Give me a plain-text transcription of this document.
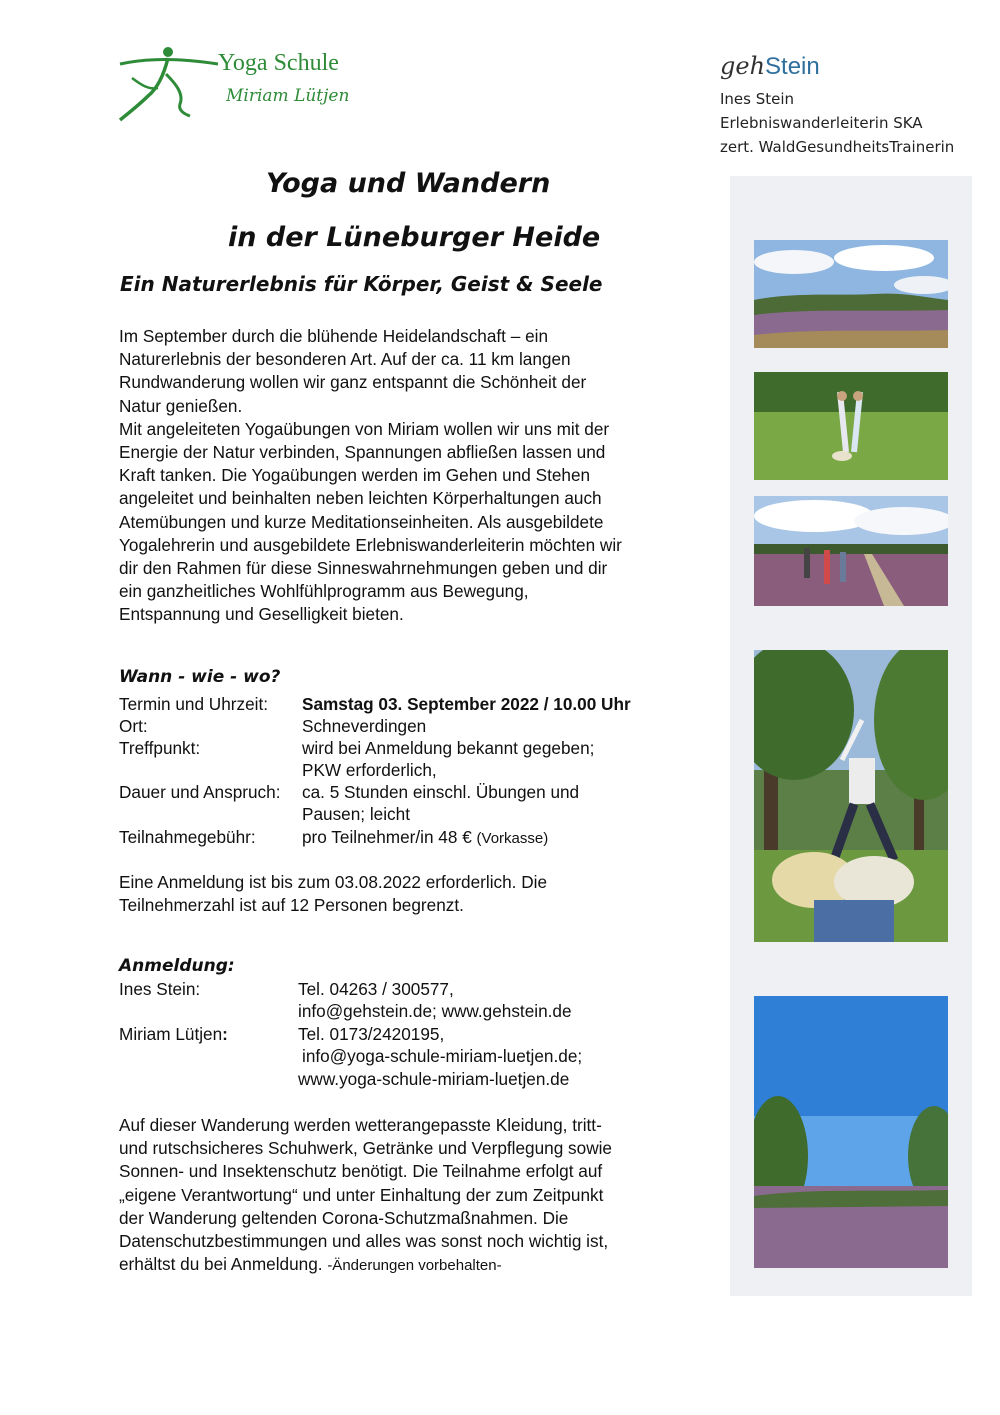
Yoga Schule
Miriam Lütjen
gehStein
Ines Stein
Erlebniswanderleiterin SKA
zert. WaldGesundheitsTrainerin
Yoga und Wandern
in der Lüneburger Heide
Ein Naturerlebnis für Körper, Geist & Seele
Im September durch die blühende Heidelandschaft – ein
Naturerlebnis der besonderen Art. Auf der ca. 11 km langen
Rundwanderung wollen wir ganz entspannt die Schönheit der
Natur genießen.
Mit angeleiteten Yogaübungen von Miriam wollen wir uns mit der
Energie der Natur verbinden, Spannungen abfließen lassen und
Kraft tanken. Die Yogaübungen werden im Gehen und Stehen
angeleitet und beinhalten neben leichten Körperhaltungen auch
Atemübungen und kurze Meditationseinheiten. Als ausgebildete
Yogalehrerin und ausgebildete Erlebniswanderleiterin möchten wir
dir den Rahmen für diese Sinneswahrnehmungen geben und dir
ein ganzheitliches Wohlfühlprogramm aus Bewegung,
Entspannung und Geselligkeit bieten.
Wann - wie - wo?
Termin und Uhrzeit: Samstag 03. September 2022 / 10.00 Uhr
Ort:	Schneverdingen
Treffpunkt:	wird bei Anmeldung bekannt gegeben;
PKW erforderlich,
Dauer und Anspruch: ca. 5 Stunden einschl. Übungen und
Pausen; leicht
Teilnahmegebühr:	pro Teilnehmer/in 48 € (Vorkasse)
Eine Anmeldung ist bis zum 03.08.2022 erforderlich. Die
Teilnehmerzahl ist auf 12 Personen begrenzt.
Anmeldung:
Ines Stein:	Tel. 04263 / 300577,
info@gehstein.de; www.gehstein.de
Miriam Lütjen:	Tel. 0173/2420195,
info@yoga-schule-miriam-luetjen.de;
www.yoga-schule-miriam-luetjen.de
Auf dieser Wanderung werden wetterangepasste Kleidung, tritt-
und rutschsicheres Schuhwerk, Getränke und Verpflegung sowie
Sonnen- und Insektenschutz benötigt. Die Teilnahme erfolgt auf
„eigene Verantwortung“ und unter Einhaltung der zum Zeitpunkt
der Wanderung geltenden Corona-Schutzmaßnahmen. Die
Datenschutzbestimmungen und alles was sonst noch wichtig ist,
erhältst du bei Anmeldung. -Änderungen vorbehalten-
